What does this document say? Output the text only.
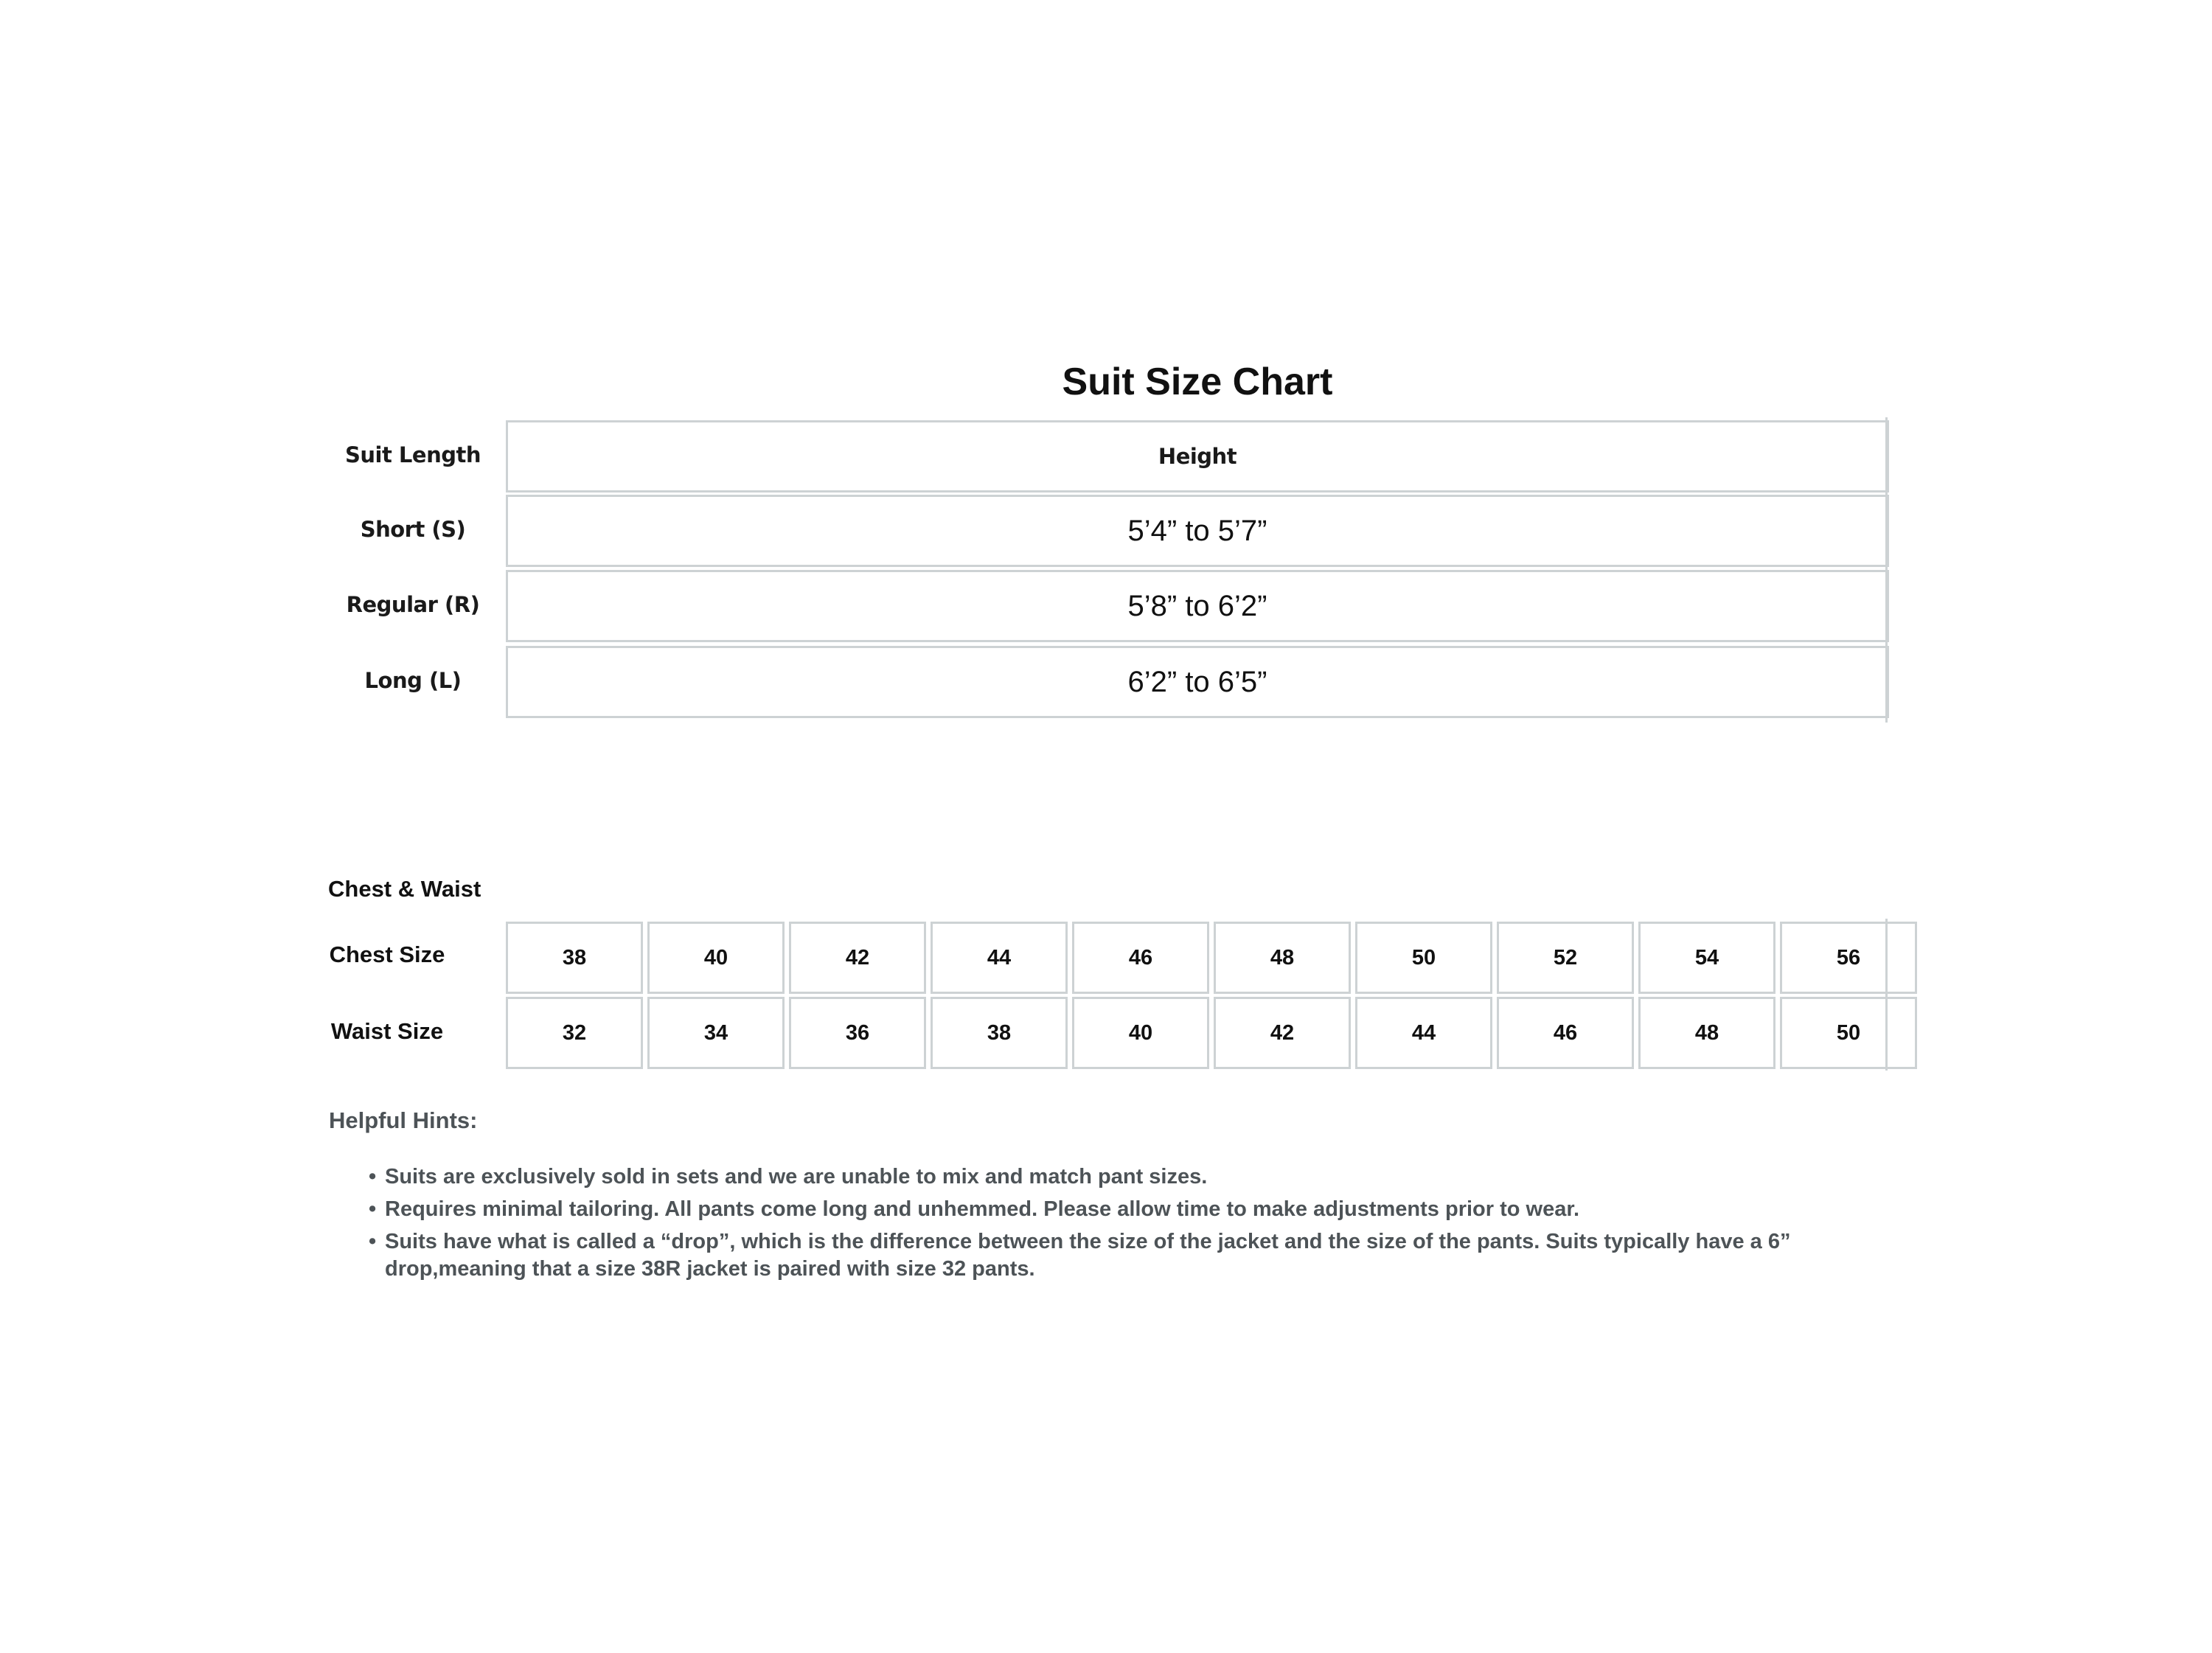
Suit Size Chart
Suit Length	Height
Short (S)	5’4” to 5’7”
Regular (R)	5’8” to 6’2”
Long (L)	6’2” to 6’5”
Chest & Waist
Chest Size	38	40	42	44	46	48	50	52	54	56
Waist Size	32	34	36	38	40	42	44	46	48	50
Helpful Hints:
• Suits are exclusively sold in sets and we are unable to mix and match pant sizes.
• Requires minimal tailoring. All pants come long and unhemmed. Please allow time to make adjustments prior to wear.
• Suits have what is called a “drop”, which is the difference between the size of the jacket and the size of the pants. Suits typically have a 6” drop,meaning that a size 38R jacket is paired with size 32 pants.
